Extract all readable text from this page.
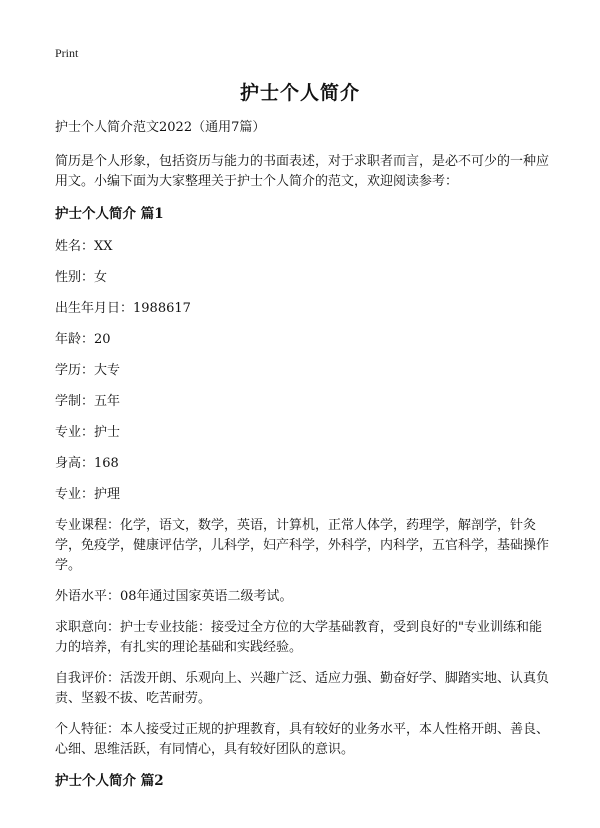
Print
护士个人简介
护士个人简介范文2022（通用7篇）
简历是个人形象，包括资历与能力的书面表述，对于求职者而言，是必不可少的一种应用文。小编下面为大家整理关于护士个人简介的范文，欢迎阅读参考：
护士个人简介 篇1
姓名：XX
性别：女
出生年月日：1988617
年龄：20
学历：大专
学制：五年
专业：护士
身高：168
专业：护理
专业课程：化学，语文，数学，英语，计算机，正常人体学，药理学，解剖学，针灸学，免疫学，健康评估学，儿科学，妇产科学，外科学，内科学，五官科学，基础操作学。
外语水平：08年通过国家英语二级考试。
求职意向：护士专业技能：接受过全方位的大学基础教育，受到良好的"专业训练和能力的培养，有扎实的理论基础和实践经验。
自我评价：活泼开朗、乐观向上、兴趣广泛、适应力强、勤奋好学、脚踏实地、认真负责、坚毅不拔、吃苦耐劳。
个人特征：本人接受过正规的护理教育，具有较好的业务水平，本人性格开朗、善良、心细、思维活跃，有同情心，具有较好团队的意识。
护士个人简介 篇2
